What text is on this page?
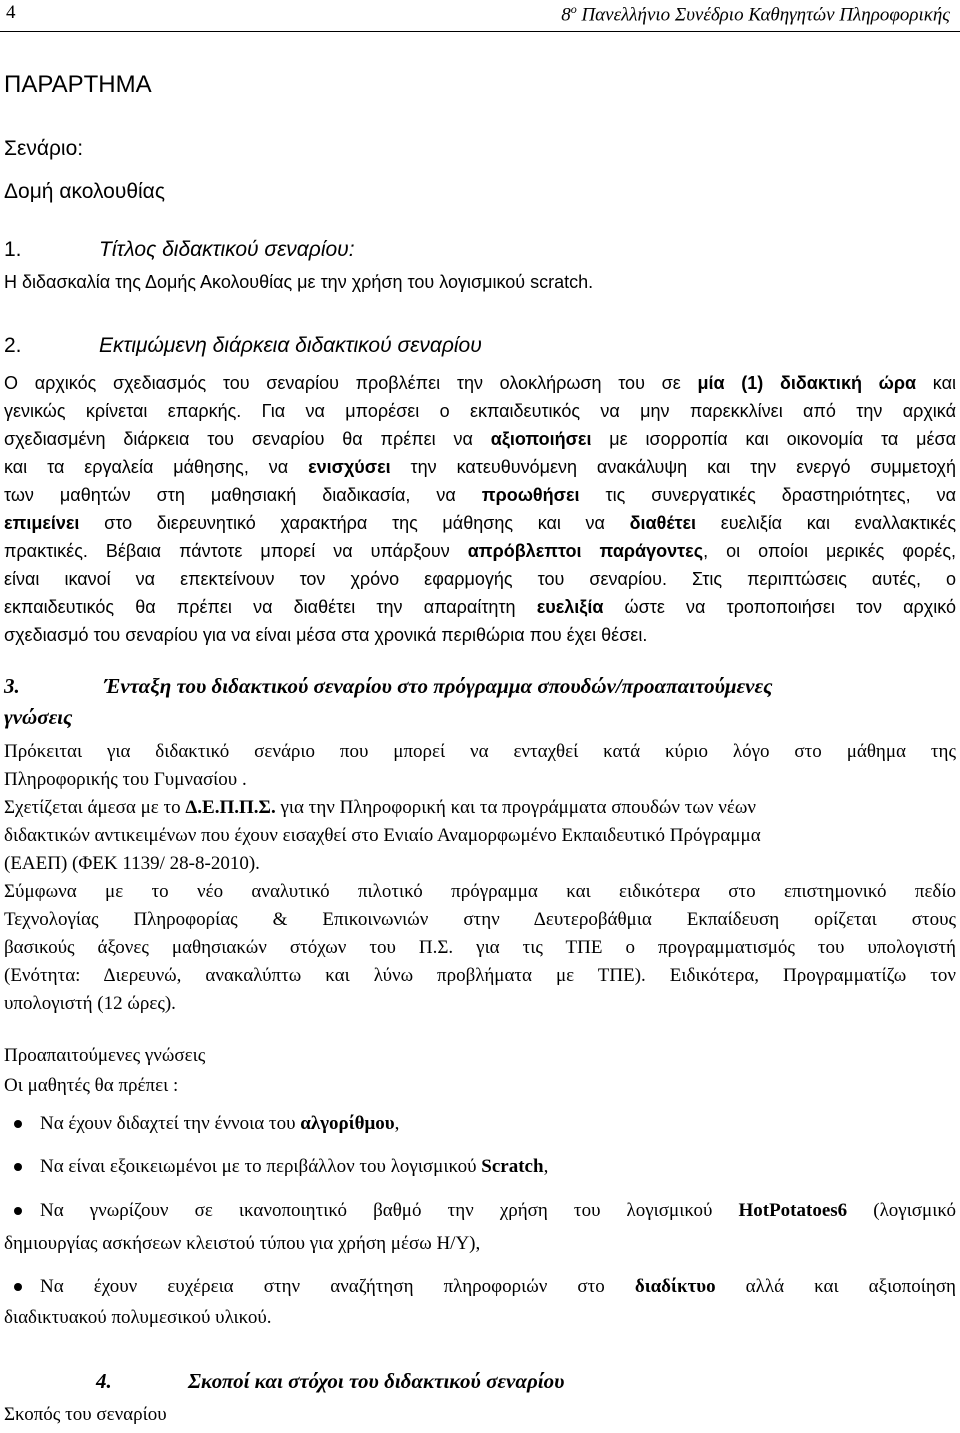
4	$8^o$ Πανελλήνιο Συνέδριο Καθηγητών Πληροφορικής
ΠΑΡΑΡΤΗΜΑ
Σενάριο:
Δομή ακολουθίας
1.	Τίτλος διδακτικού σεναρίου:
Η διδασκαλία της Δομής Ακολουθίας με την χρήση του λογισμικού scratch.
2.	Εκτιμώμενη διάρκεια διδακτικού σεναρίου
Ο αρχικός σχεδιασμός του σεναρίου προβλέπει την ολοκλήρωση του σε μία (1) διδακτική ώρα και
γενικώς κρίνεται επαρκής. Για να μπορέσει ο εκπαιδευτικός να μην παρεκκλίνει από την αρχικά
σχεδιασμένη διάρκεια του σεναρίου θα πρέπει να αξιοποιήσει με ισορροπία και οικονομία τα μέσα
και τα εργαλεία μάθησης, να ενισχύσει την κατευθυνόμενη ανακάλυψη και την ενεργό συμμετοχή
των μαθητών στη μαθησιακή διαδικασία, να προωθήσει τις συνεργατικές δραστηριότητες, να
επιμείνει στο διερευνητικό χαρακτήρα της μάθησης και να διαθέτει ευελιξία και εναλλακτικές
πρακτικές. Βέβαια πάντοτε μπορεί να υπάρξουν απρόβλεπτοι παράγοντες, οι οποίοι μερικές φορές,
είναι ικανοί να επεκτείνουν τον χρόνο εφαρμογής του σεναρίου. Στις περιπτώσεις αυτές, ο
εκπαιδευτικός θα πρέπει να διαθέτει την απαραίτητη ευελιξία ώστε να τροποποιήσει τον αρχικό
σχεδιασμό του σεναρίου για να είναι μέσα στα χρονικά περιθώρια που έχει θέσει.
3.	Ένταξη του διδακτικού σεναρίου στο πρόγραμμα σπουδών/προαπαιτούμενες
γνώσεις
Πρόκειται για διδακτικό σενάριο που μπορεί να ενταχθεί κατά κύριο λόγο στο μάθημα της
Πληροφορικής του Γυμνασίου .
Σχετίζεται άμεσα με το Δ.Ε.Π.Π.Σ. για την Πληροφορική και τα προγράμματα σπουδών των νέων
διδακτικών αντικειμένων που έχουν εισαχθεί στο Ενιαίο Αναμορφωμένο Εκπαιδευτικό Πρόγραμμα
(ΕΑΕΠ) (ΦΕΚ 1139/ 28-8-2010).
Σύμφωνα με το νέο αναλυτικό πιλοτικό πρόγραμμα και ειδικότερα στο επιστημονικό πεδίο
Τεχνολογίας Πληροφορίας & Επικοινωνιών στην Δευτεροβάθμια Εκπαίδευση ορίζεται στους
βασικούς άξονες μαθησιακών στόχων του Π.Σ. για τις ΤΠΕ ο προγραμματισμός του υπολογιστή
(Ενότητα: Διερευνώ, ανακαλύπτω και λύνω προβλήματα με ΤΠΕ). Ειδικότερα, Προγραμματίζω τον
υπολογιστή (12 ώρες).
Προαπαιτούμενες γνώσεις
Οι μαθητές θα πρέπει :
Να έχουν διδαχτεί την έννοια του αλγορίθμου,
Να είναι εξοικειωμένοι με το περιβάλλον του λογισμικού Scratch,
Να γνωρίζουν σε ικανοποιητικό βαθμό την χρήση του λογισμικού HotPotatoes6 (λογισμικό
δημιουργίας ασκήσεων κλειστού τύπου για χρήση μέσω Η/Υ),
Να έχουν ευχέρεια στην αναζήτηση πληροφοριών στο διαδίκτυο αλλά και αξιοποίηση
διαδικτυακού πολυμεσικού υλικού.
4.	Σκοποί και στόχοι του διδακτικού σεναρίου
Σκοπός του σεναρίου
